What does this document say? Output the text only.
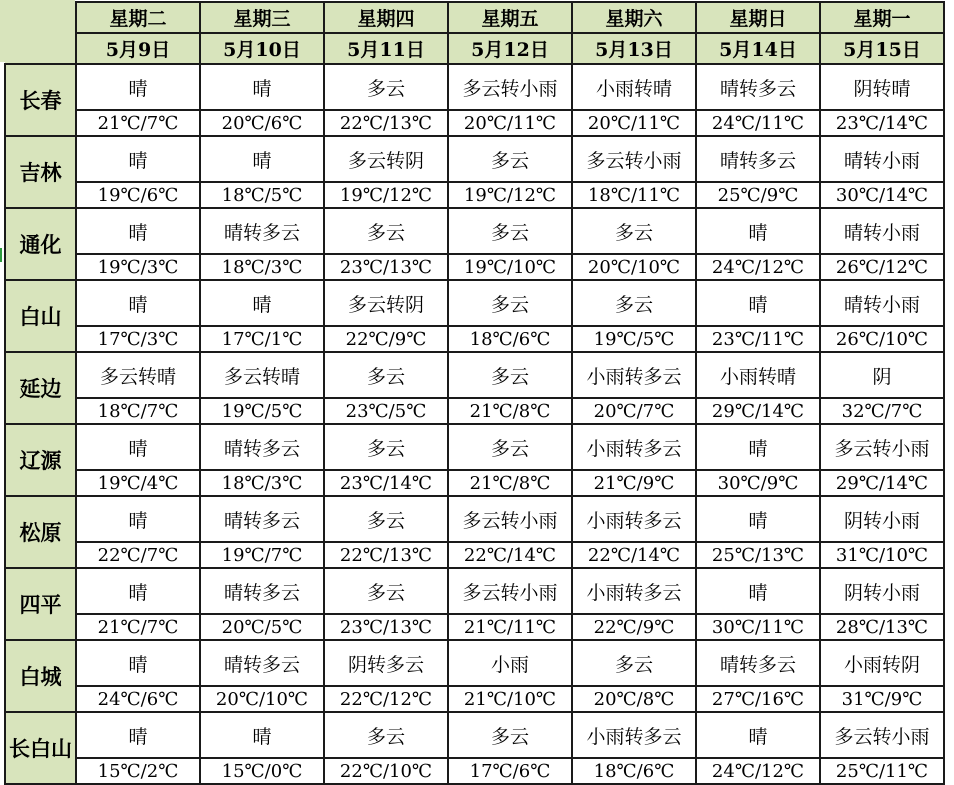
	星期二	星期三	星期四	星期五	星期六	星期日	星期一
	5月9日	5月10日	5月11日	5月12日	5月13日	5月14日	5月15日
长春	晴	晴	多云	多云转小雨	小雨转晴	晴转多云	阴转晴
	21℃/7℃	20℃/6℃	22℃/13℃	20℃/11℃	20℃/11℃	24℃/11℃	23℃/14℃
吉林	晴	晴	多云转阴	多云	多云转小雨	晴转多云	晴转小雨
	19℃/6℃	18℃/5℃	19℃/12℃	19℃/12℃	18℃/11℃	25℃/9℃	30℃/14℃
通化	晴	晴转多云	多云	多云	多云	晴	晴转小雨
	19℃/3℃	18℃/3℃	23℃/13℃	19℃/10℃	20℃/10℃	24℃/12℃	26℃/12℃
白山	晴	晴	多云转阴	多云	多云	晴	晴转小雨
	17℃/3℃	17℃/1℃	22℃/9℃	18℃/6℃	19℃/5℃	23℃/11℃	26℃/10℃
延边	多云转晴	多云转晴	多云	多云	小雨转多云	小雨转晴	阴
	18℃/7℃	19℃/5℃	23℃/5℃	21℃/8℃	20℃/7℃	29℃/14℃	32℃/7℃
辽源	晴	晴转多云	多云	多云	小雨转多云	晴	多云转小雨
	19℃/4℃	18℃/3℃	23℃/14℃	21℃/8℃	21℃/9℃	30℃/9℃	29℃/14℃
松原	晴	晴转多云	多云	多云转小雨	小雨转多云	晴	阴转小雨
	22℃/7℃	19℃/7℃	22℃/13℃	22℃/14℃	22℃/14℃	25℃/13℃	31℃/10℃
四平	晴	晴转多云	多云	多云转小雨	小雨转多云	晴	阴转小雨
	21℃/7℃	20℃/5℃	23℃/13℃	21℃/11℃	22℃/9℃	30℃/11℃	28℃/13℃
白城	晴	晴转多云	阴转多云	小雨	多云	晴转多云	小雨转阴
	24℃/6℃	20℃/10℃	22℃/12℃	21℃/10℃	20℃/8℃	27℃/16℃	31℃/9℃
长白山	晴	晴	多云	多云	小雨转多云	晴	多云转小雨
	15℃/2℃	15℃/0℃	22℃/10℃	17℃/6℃	18℃/6℃	24℃/12℃	25℃/11℃
